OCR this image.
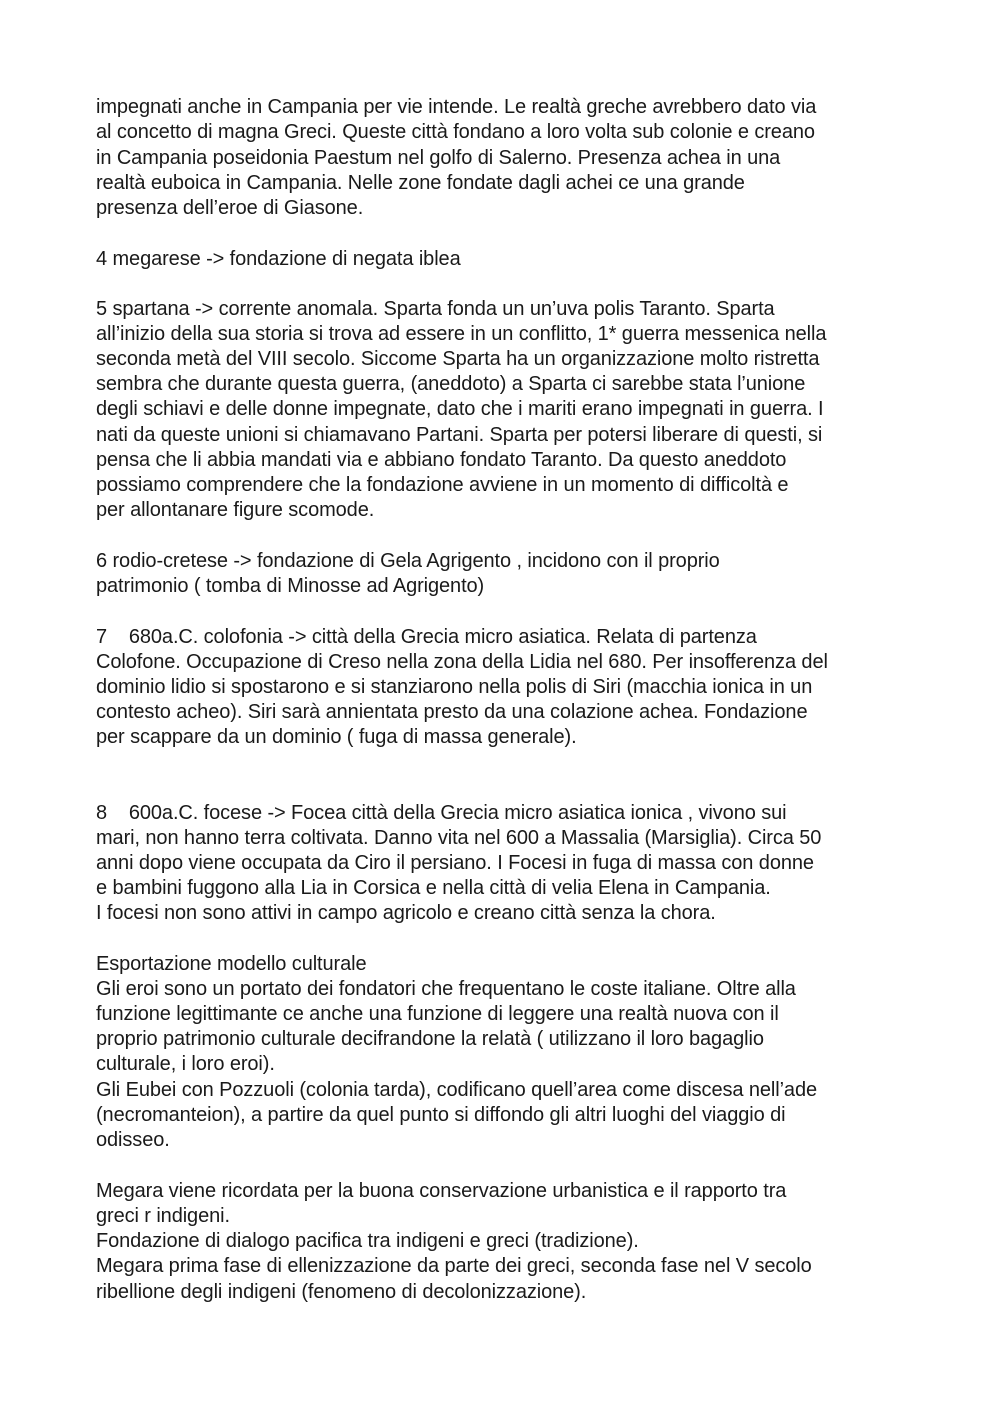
impegnati anche in Campania per vie intende. Le realtà greche avrebbero dato via
al concetto di magna Greci. Queste città fondano a loro volta sub colonie e creano
in Campania poseidonia Paestum nel golfo di Salerno. Presenza achea in una
realtà euboica in Campania. Nelle zone fondate dagli achei ce una grande
presenza dell’eroe di Giasone.
4 megarese -> fondazione di negata iblea
5 spartana -> corrente anomala. Sparta fonda un un’uva polis Taranto. Sparta
all’inizio della sua storia si trova ad essere in un conflitto, 1* guerra messenica nella
seconda metà del VIII secolo. Siccome Sparta ha un organizzazione molto ristretta
sembra che durante questa guerra, (aneddoto) a Sparta ci sarebbe stata l’unione
degli schiavi e delle donne impegnate, dato che i mariti erano impegnati in guerra. I
nati da queste unioni si chiamavano Partani. Sparta per potersi liberare di questi, si
pensa che li abbia mandati via e abbiano fondato Taranto. Da questo aneddoto
possiamo comprendere che la fondazione avviene in un momento di difficoltà e
per allontanare figure scomode.
6 rodio-cretese -> fondazione di Gela Agrigento , incidono con il proprio
patrimonio ( tomba di Minosse ad Agrigento)
7    680a.C. colofonia -> città della Grecia micro asiatica. Relata di partenza
Colofone. Occupazione di Creso nella zona della Lidia nel 680. Per insofferenza del
dominio lidio si spostarono e si stanziarono nella polis di Siri (macchia ionica in un
contesto acheo). Siri sarà annientata presto da una colazione achea. Fondazione
per scappare da un dominio ( fuga di massa generale).
8    600a.C. focese -> Focea città della Grecia micro asiatica ionica , vivono sui
mari, non hanno terra coltivata. Danno vita nel 600 a Massalia (Marsiglia). Circa 50
anni dopo viene occupata da Ciro il persiano. I Focesi in fuga di massa con donne
e bambini fuggono alla Lia in Corsica e nella città di velia Elena in Campania.
I focesi non sono attivi in campo agricolo e creano città senza la chora.
Esportazione modello culturale
Gli eroi sono un portato dei fondatori che frequentano le coste italiane. Oltre alla
funzione legittimante ce anche una funzione di leggere una realtà nuova con il
proprio patrimonio culturale decifrandone la relatà ( utilizzano il loro bagaglio
culturale, i loro eroi).
Gli Eubei con Pozzuoli (colonia tarda), codificano quell’area come discesa nell’ade
(necromanteion), a partire da quel punto si diffondo gli altri luoghi del viaggio di
odisseo.
Megara viene ricordata per la buona conservazione urbanistica e il rapporto tra
greci r indigeni.
Fondazione di dialogo pacifica tra indigeni e greci (tradizione).
Megara prima fase di ellenizzazione da parte dei greci, seconda fase nel V secolo
ribellione degli indigeni (fenomeno di decolonizzazione).
